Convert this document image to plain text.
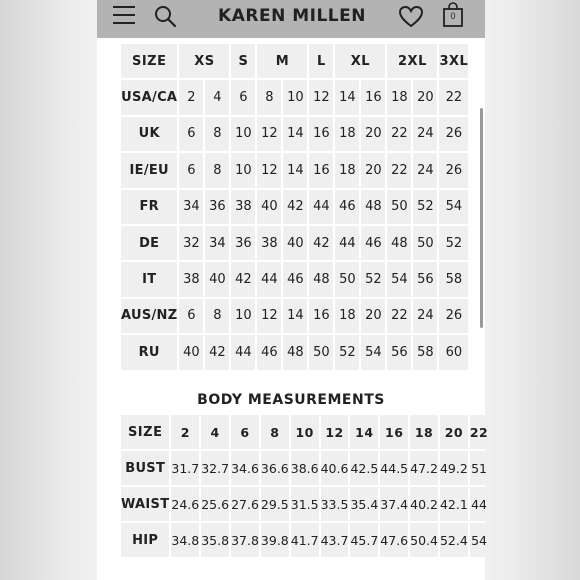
KAREN MILLEN	0
SIZE	XS		S	M		L	XL		2XL		3XL
USA/CA	2	4	6	8	10	12	14	16	18	20	22
UK	6	8	10	12	14	16	18	20	22	24	26
IE/EU	6	8	10	12	14	16	18	20	22	24	26
FR	34	36	38	40	42	44	46	48	50	52	54
DE	32	34	36	38	40	42	44	46	48	50	52
IT	38	40	42	44	46	48	50	52	54	56	58
AUS/NZ	6	8	10	12	14	16	18	20	22	24	26
RU	40	42	44	46	48	50	52	54	56	58	60
BODY MEASUREMENTS
SIZE	2	4	6	8	10	12	14	16	18	20	22
BUST	31.7	32.7	34.6	36.6	38.6	40.6	42.5	44.5	47.2	49.2	51
WAIST	24.6	25.6	27.6	29.5	31.5	33.5	35.4	37.4	40.2	42.1	44
HIP	34.8	35.8	37.8	39.8	41.7	43.7	45.7	47.6	50.4	52.4	54
